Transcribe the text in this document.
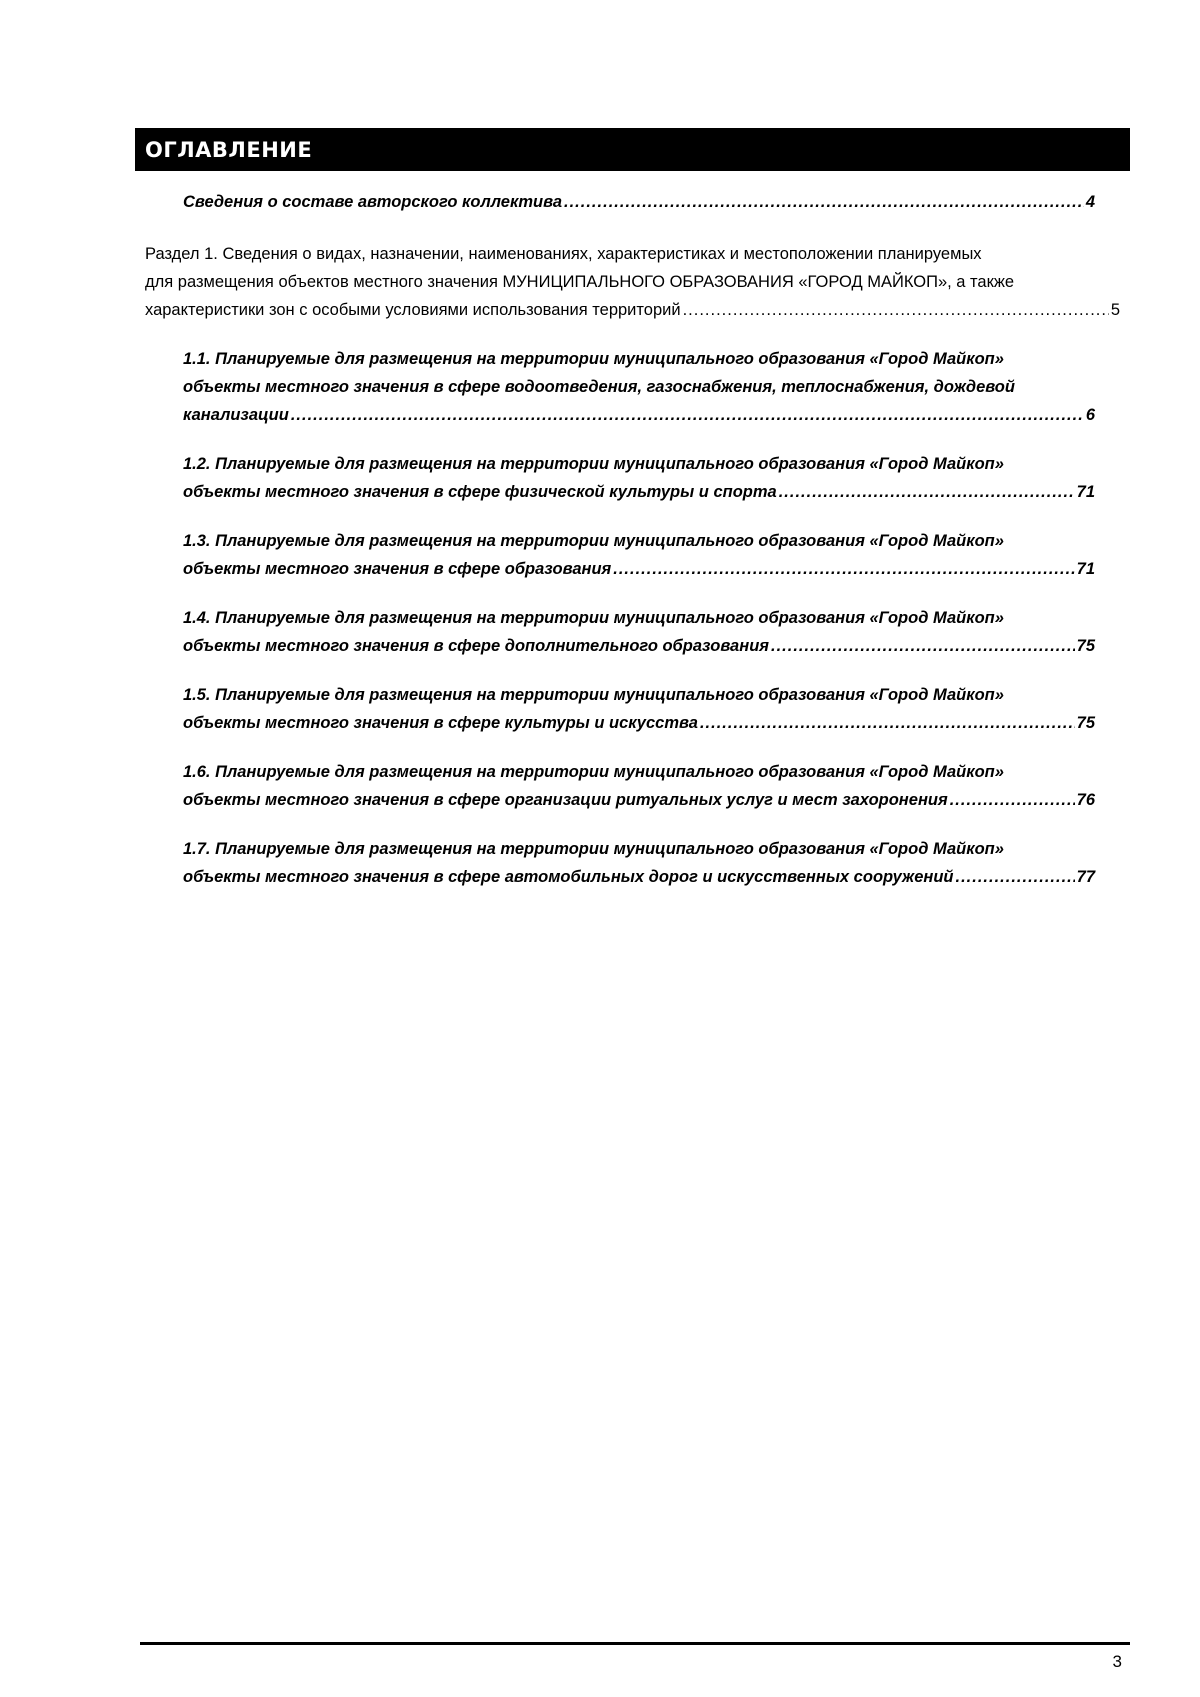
ОГЛАВЛЕНИЕ
Сведения о составе авторского коллектива .....	4
Раздел 1. Сведения о видах, назначении, наименованиях, характеристиках и местоположении планируемых
для размещения объектов местного значения МУНИЦИПАЛЬНОГО ОБРАЗОВАНИЯ «ГОРОД МАЙКОП», а также
характеристики зон с особыми условиями использования территорий .....	5
1.1. Планируемые для размещения на территории муниципального образования «Город Майкоп»
объекты местного значения в сфере водоотведения, газоснабжения, теплоснабжения, дождевой
канализации .....	6
1.2. Планируемые для размещения на территории муниципального образования «Город Майкоп»
объекты местного значения в сфере физической культуры и спорта .....	71
1.3. Планируемые для размещения на территории муниципального образования «Город Майкоп»
объекты местного значения в сфере образования .....	71
1.4. Планируемые для размещения на территории муниципального образования «Город Майкоп»
объекты местного значения в сфере дополнительного образования .....	75
1.5. Планируемые для размещения на территории муниципального образования «Город Майкоп»
объекты местного значения в сфере культуры и искусства .....	75
1.6. Планируемые для размещения на территории муниципального образования «Город Майкоп»
объекты местного значения в сфере организации ритуальных услуг и мест захоронения .....	76
1.7. Планируемые для размещения на территории муниципального образования «Город Майкоп»
объекты местного значения в сфере автомобильных дорог и искусственных сооружений .....	77
3
